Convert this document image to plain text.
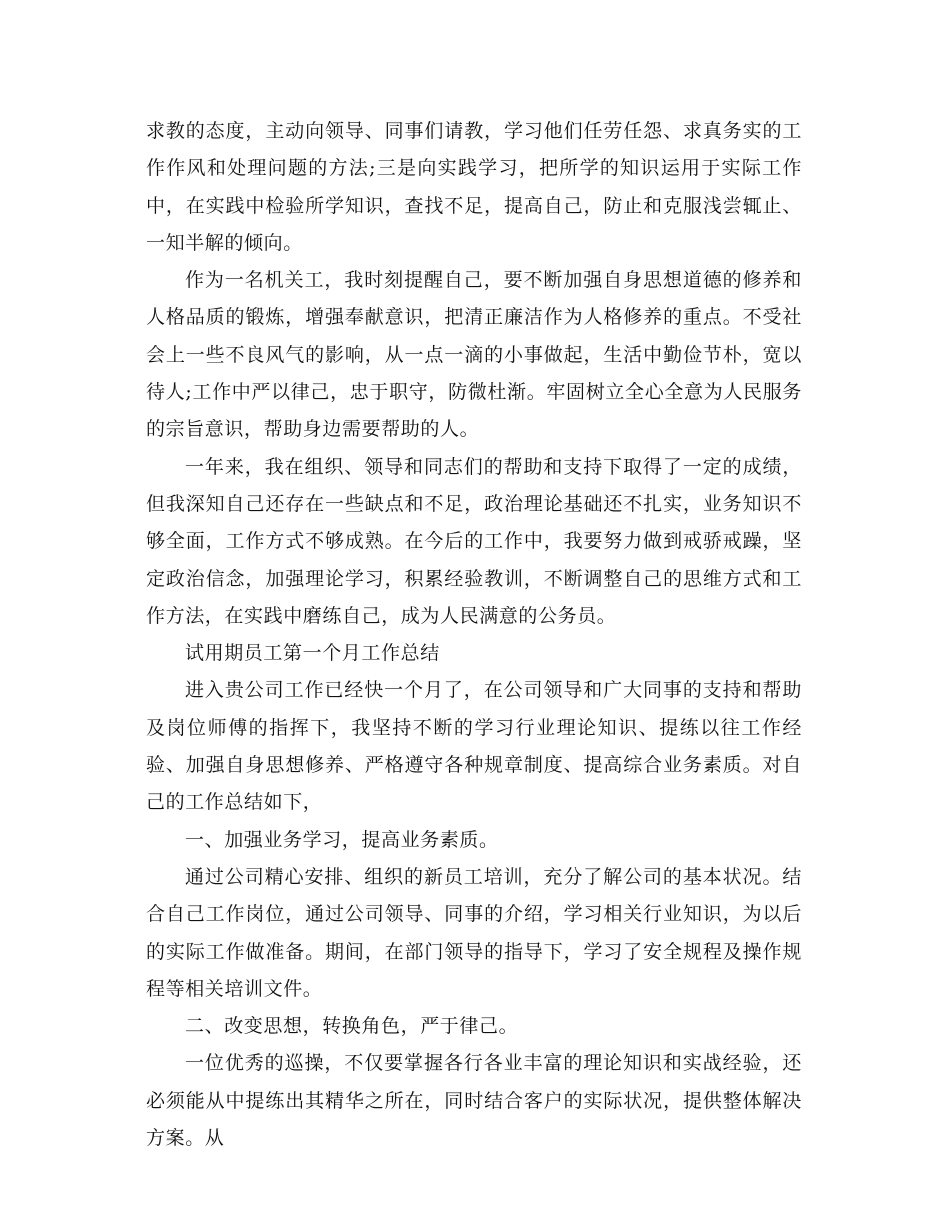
求教的态度，主动向领导、同事们请教，学习他们任劳任怨、求真务实的工作作风和处理问题的方法;三是向实践学习，把所学的知识运用于实际工作中，在实践中检验所学知识，查找不足，提高自己，防止和克服浅尝辄止、一知半解的倾向。

作为一名机关工，我时刻提醒自己，要不断加强自身思想道德的修养和人格品质的锻炼，增强奉献意识，把清正廉洁作为人格修养的重点。不受社会上一些不良风气的影响，从一点一滴的小事做起，生活中勤俭节朴，宽以待人;工作中严以律己，忠于职守，防微杜渐。牢固树立全心全意为人民服务的宗旨意识，帮助身边需要帮助的人。

一年来，我在组织、领导和同志们的帮助和支持下取得了一定的成绩，但我深知自己还存在一些缺点和不足，政治理论基础还不扎实，业务知识不够全面，工作方式不够成熟。在今后的工作中，我要努力做到戒骄戒躁，坚定政治信念，加强理论学习，积累经验教训，不断调整自己的思维方式和工作方法，在实践中磨练自己，成为人民满意的公务员。

试用期员工第一个月工作总结

进入贵公司工作已经快一个月了，在公司领导和广大同事的支持和帮助及岗位师傅的指挥下，我坚持不断的学习行业理论知识、提练以往工作经验、加强自身思想修养、严格遵守各种规章制度、提高综合业务素质。对自己的工作总结如下，

一、加强业务学习，提高业务素质。

通过公司精心安排、组织的新员工培训，充分了解公司的基本状况。结合自己工作岗位，通过公司领导、同事的介绍，学习相关行业知识，为以后的实际工作做准备。期间，在部门领导的指导下，学习了安全规程及操作规程等相关培训文件。

二、改变思想，转换角色，严于律己。

一位优秀的巡操，不仅要掌握各行各业丰富的理论知识和实战经验，还必须能从中提练出其精华之所在，同时结合客户的实际状况，提供整体解决方案。从
